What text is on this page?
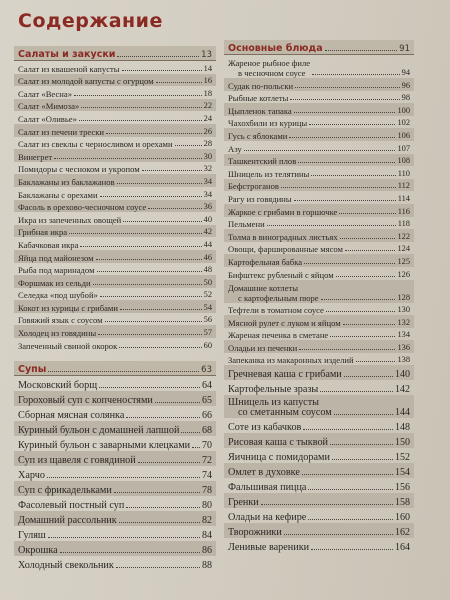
Содержание
Салаты и закуски	13
Салат из квашеной капусты	14
Салат из молодой капусты с огурцом	16
Салат «Весна»	18
Салат «Мимоза»	22
Салат «Оливье»	24
Салат из печени трески	26
Салат из свеклы с черносливом и орехами	28
Винегрет	30
Помидоры с чесноком и укропом	32
Баклажаны из баклажанов	34
Баклажаны с орехами	34
Фасоль в орехово-чесночном соусе	36
Икра из запеченных овощей	40
Грибная икра	42
Кабачковая икра	44
Яйца под майонезом	46
Рыба под маринадом	48
Форшмак из сельди	50
Селедка «под шубой»	52
Кокот из курицы с грибами	54
Говяжий язык с соусом	56
Холодец из говядины	57
Запеченный свиной окорок	60
Супы	63
Московский борщ	64
Гороховый суп с копченостями	65
Сборная мясная солянка	66
Куриный бульон с домашней лапшой 68
Куриный бульон с заварными клецками 70
Суп из щавеля с говядиной	72
Харчо	74
Суп с фрикадельками	78
Фасолевый постный суп	80
Домашний рассольник	82
Гуляш	84
Окрошка	86
Холодный свекольник	88
Основные блюда	91
Жареное рыбное филе
в чесночном соусе	94
Судак по-польски	96
Рыбные котлеты	98
Цыпленок тапака	100
Чахохбили из курицы	102
Гусь с яблоками	106
Азу	107
Ташкентский плов	108
Шницель из телятины	110
Бефстроганов	112
Рагу из говядины	114
Жаркое с грибами в горшочке	116
Пельмени	118
Толма в виноградных листьях	122
Овощи, фаршированные мясом	124
Картофельная бабка	125
Бифштекс рубленый с яйцом	126
Домашние котлеты
с картофельным пюре	128
Тефтели в томатном соусе	130
Мясной рулет с луком и яйцом	132
Жареная печенка в сметане	134
Оладьи из печенки	136
Запеканка из макаронных изделий	138
Гречневая каша с грибами	140
Картофельные зразы	142
Шницель из капусты
со сметанным соусом	144
Соте из кабачков	148
Рисовая каша с тыквой	150
Яичница с помидорами	152
Омлет в духовке	154
Фальшивая пицца	156
Гренки	158
Оладьи на кефире	160
Творожники	162
Ленивые вареники	164
